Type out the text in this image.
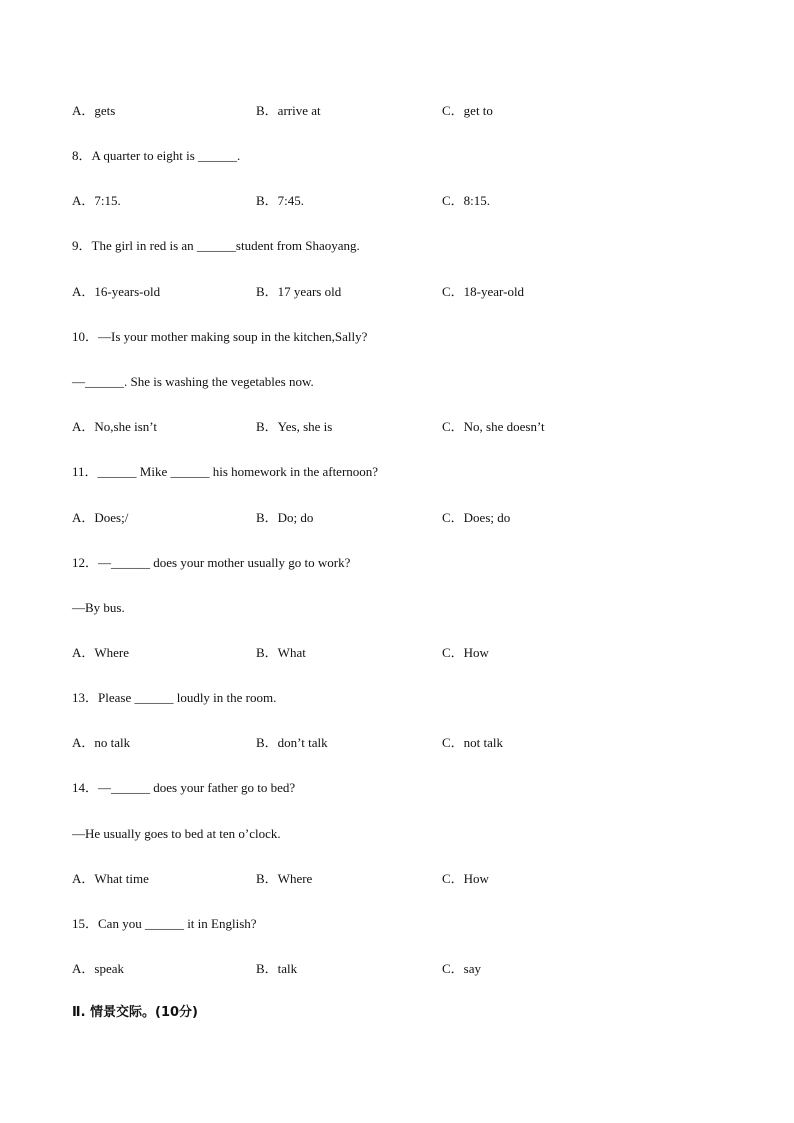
A．gets	B．arrive at	C．get to
8．A quarter to eight is ______.
A．7:15.	B．7:45.	C．8:15.
9．The girl in red is an ______student from Shaoyang.
A．16-years-old	B．17 years old	C．18-year-old
10．—Is your mother making soup in the kitchen,Sally?
—______. She is washing the vegetables now.
A．No,she isn’t	B．Yes, she is	C．No, she doesn’t
11．______ Mike ______ his homework in the afternoon?
A．Does;/	B．Do; do	C．Does; do
12．—______ does your mother usually go to work?
—By bus.
A．Where	B．What	C．How
13．Please ______ loudly in the room.
A．no talk	B．don’t talk	C．not talk
14．—______ does your father go to bed?
—He usually goes to bed at ten o’clock.
A．What time	B．Where	C．How
15．Can you ______ it in English?
A．speak	B．talk	C．say
Ⅱ. 情景交际。(10分)
